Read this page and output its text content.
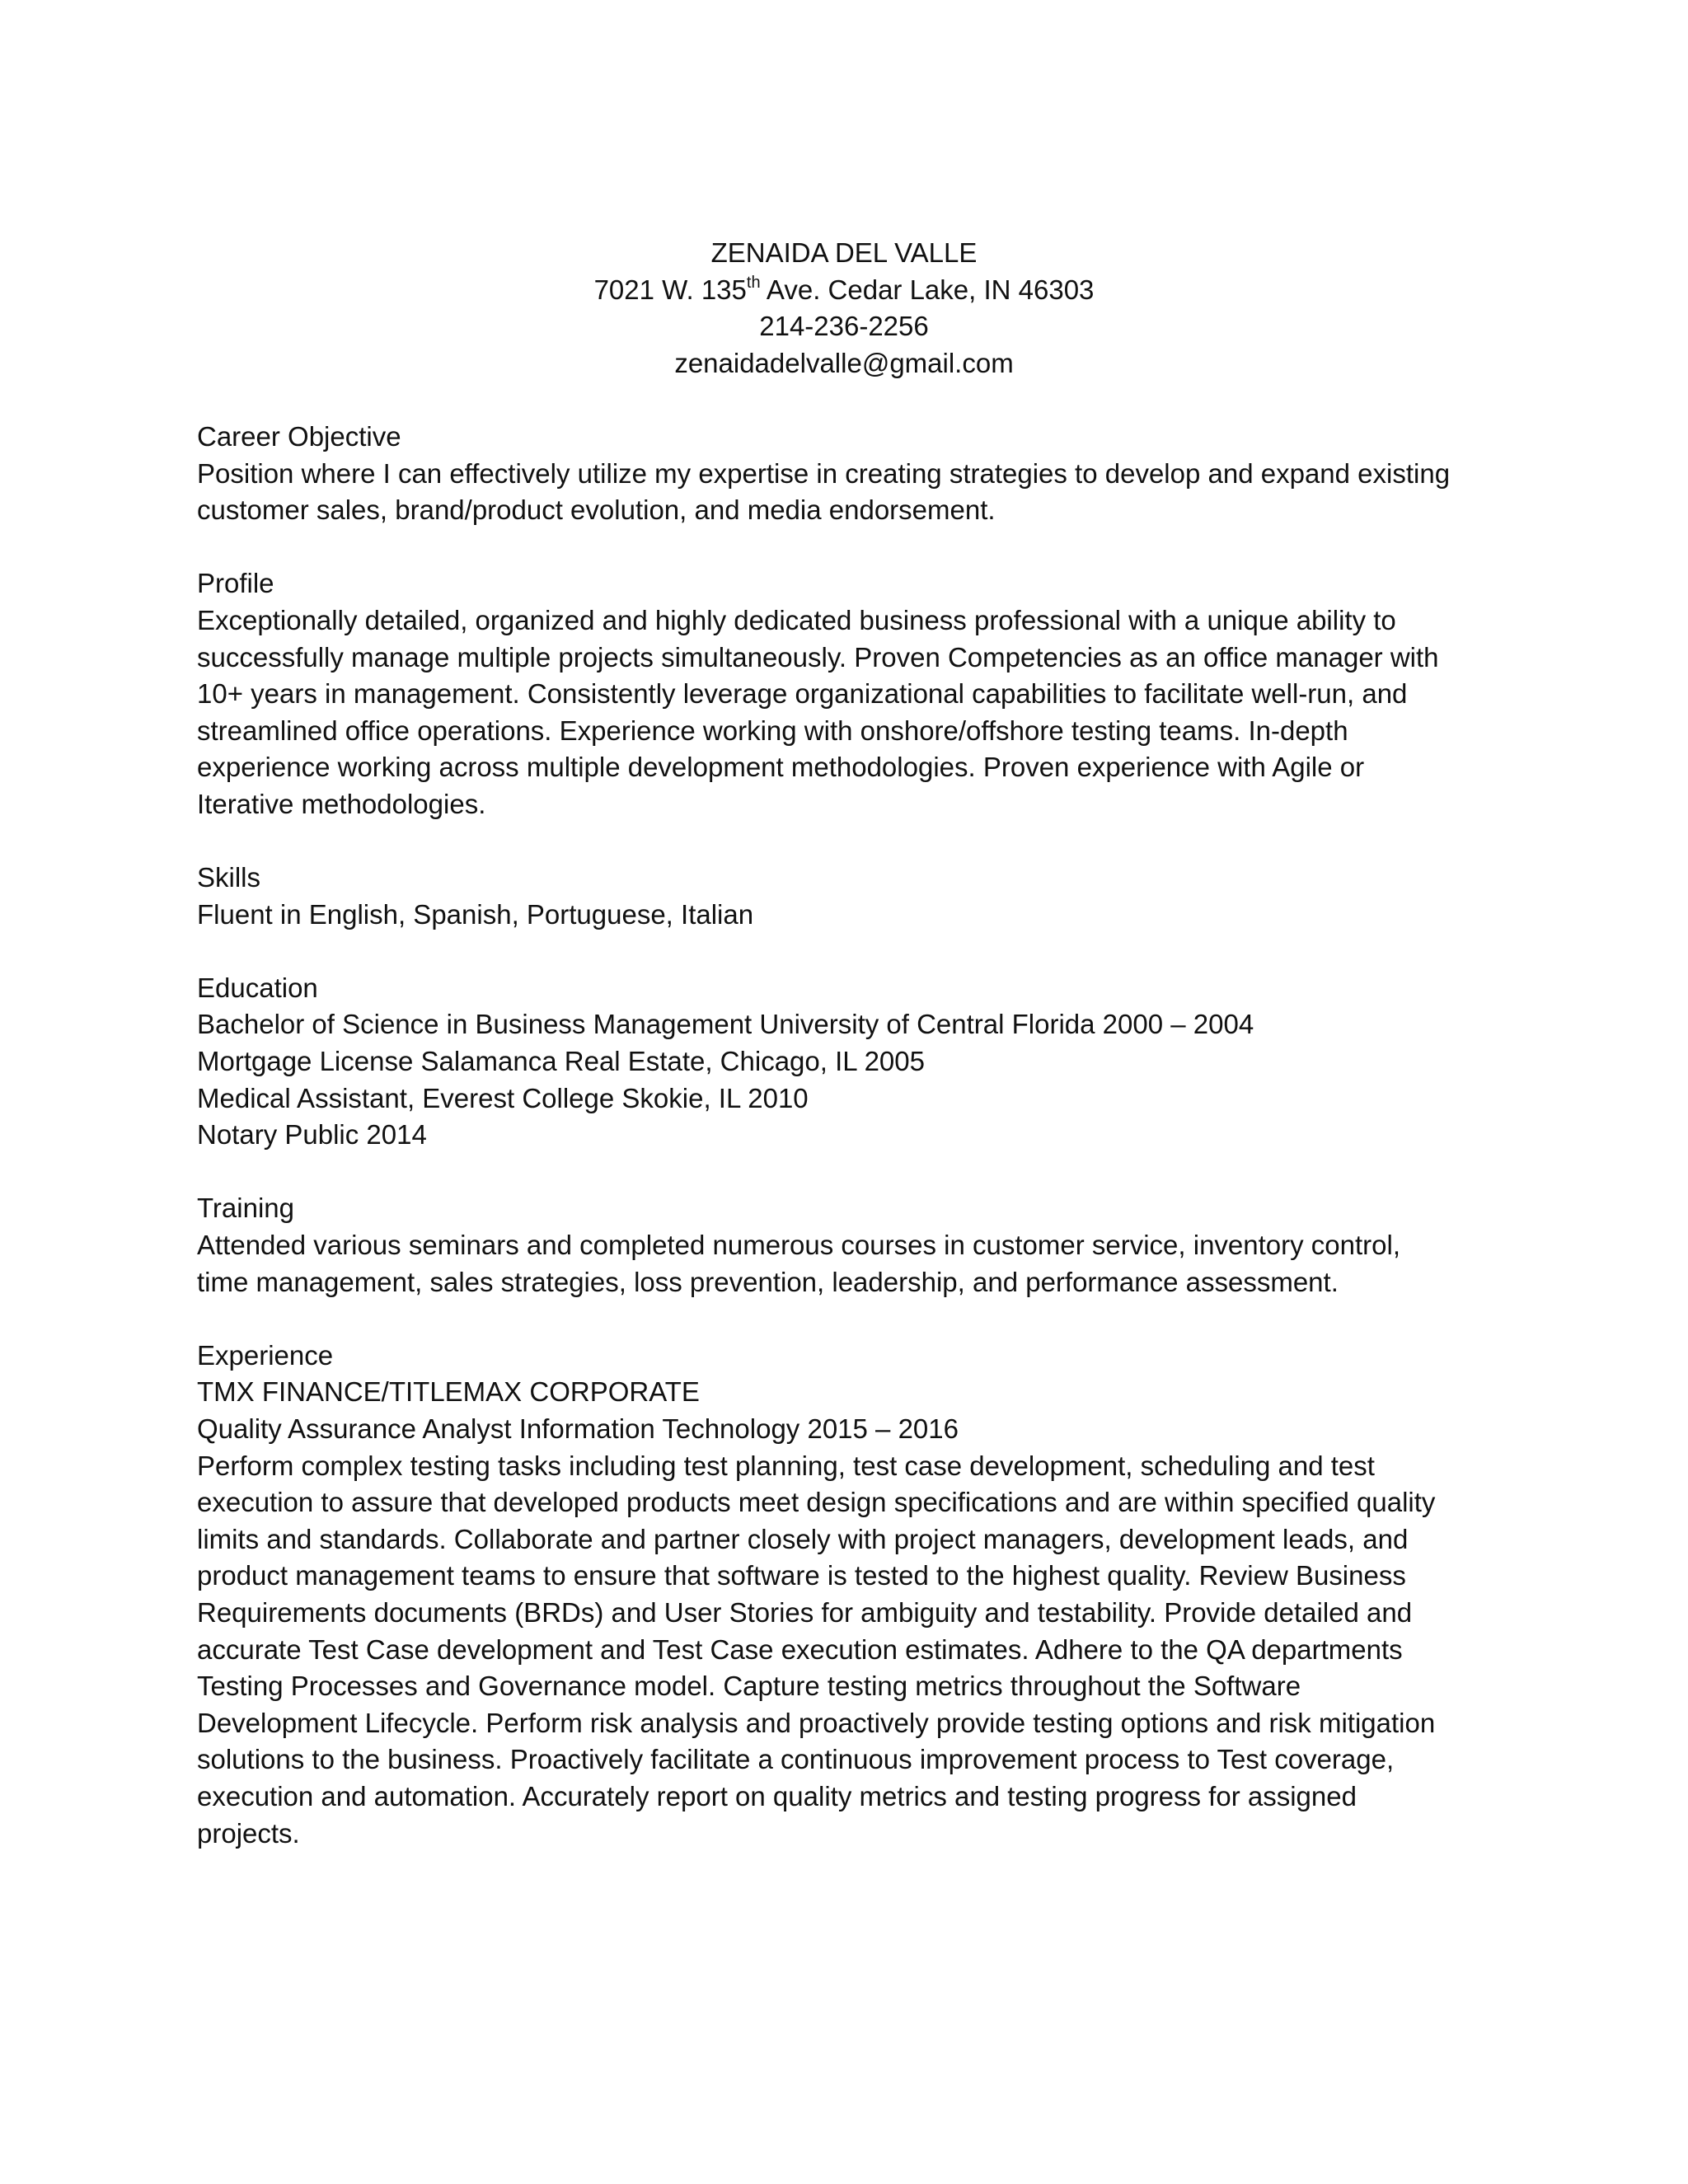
ZENAIDA DEL VALLE
7021 W. 135th Ave. Cedar Lake, IN 46303
214-236-2256
zenaidadelvalle@gmail.com
Career Objective
Position where I can effectively utilize my expertise in creating strategies to develop and expand existing
customer sales, brand/product evolution, and media endorsement.
Profile
Exceptionally detailed, organized and highly dedicated business professional with a unique ability to
successfully manage multiple projects simultaneously. Proven Competencies as an office manager with
10+ years in management. Consistently leverage organizational capabilities to facilitate well-run, and
streamlined office operations. Experience working with onshore/offshore testing teams. In-depth
experience working across multiple development methodologies. Proven experience with Agile or
Iterative methodologies.
Skills
Fluent in English, Spanish, Portuguese, Italian
Education
Bachelor of Science in Business Management University of Central Florida 2000 – 2004
Mortgage License Salamanca Real Estate, Chicago, IL 2005
Medical Assistant, Everest College Skokie, IL 2010
Notary Public 2014
Training
Attended various seminars and completed numerous courses in customer service, inventory control,
time management, sales strategies, loss prevention, leadership, and performance assessment.
Experience
TMX FINANCE/TITLEMAX CORPORATE
Quality Assurance Analyst Information Technology 2015 – 2016
Perform complex testing tasks including test planning, test case development, scheduling and test
execution to assure that developed products meet design specifications and are within specified quality
limits and standards. Collaborate and partner closely with project managers, development leads, and
product management teams to ensure that software is tested to the highest quality. Review Business
Requirements documents (BRDs) and User Stories for ambiguity and testability. Provide detailed and
accurate Test Case development and Test Case execution estimates. Adhere to the QA departments
Testing Processes and Governance model. Capture testing metrics throughout the Software
Development Lifecycle. Perform risk analysis and proactively provide testing options and risk mitigation
solutions to the business. Proactively facilitate a continuous improvement process to Test coverage,
execution and automation. Accurately report on quality metrics and testing progress for assigned
projects.
